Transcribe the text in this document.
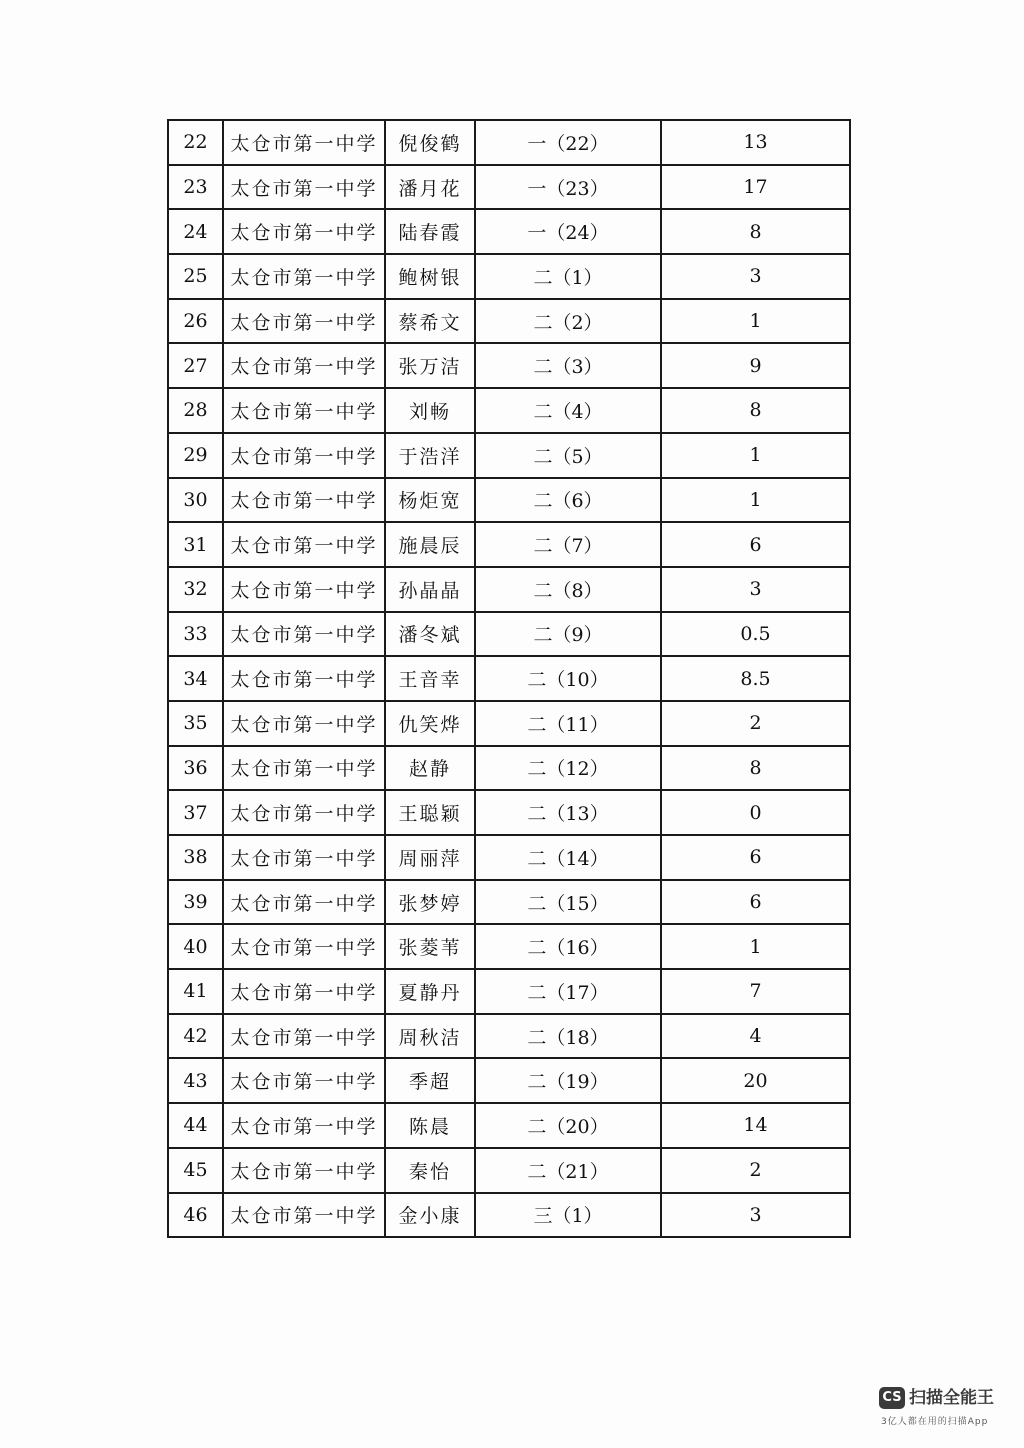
22	太仓市第一中学	倪俊鹤	一（22）	13
23	太仓市第一中学	潘月花	一（23）	17
24	太仓市第一中学	陆春霞	一（24）	8
25	太仓市第一中学	鲍树银	二（1）	3
26	太仓市第一中学	蔡希文	二（2）	1
27	太仓市第一中学	张万洁	二（3）	9
28	太仓市第一中学	刘畅	二（4）	8
29	太仓市第一中学	于浩洋	二（5）	1
30	太仓市第一中学	杨炬宽	二（6）	1
31	太仓市第一中学	施晨辰	二（7）	6
32	太仓市第一中学	孙晶晶	二（8）	3
33	太仓市第一中学	潘冬斌	二（9）	0.5
34	太仓市第一中学	王音幸	二（10）	8.5
35	太仓市第一中学	仇笑烨	二（11）	2
36	太仓市第一中学	赵静	二（12）	8
37	太仓市第一中学	王聪颖	二（13）	0
38	太仓市第一中学	周丽萍	二（14）	6
39	太仓市第一中学	张梦婷	二（15）	6
40	太仓市第一中学	张菱苇	二（16）	1
41	太仓市第一中学	夏静丹	二（17）	7
42	太仓市第一中学	周秋洁	二（18）	4
43	太仓市第一中学	季超	二（19）	20
44	太仓市第一中学	陈晨	二（20）	14
45	太仓市第一中学	秦怡	二（21）	2
46	太仓市第一中学	金小康	三（1）	3
CS 扫描全能王
3亿人都在用的扫描App
